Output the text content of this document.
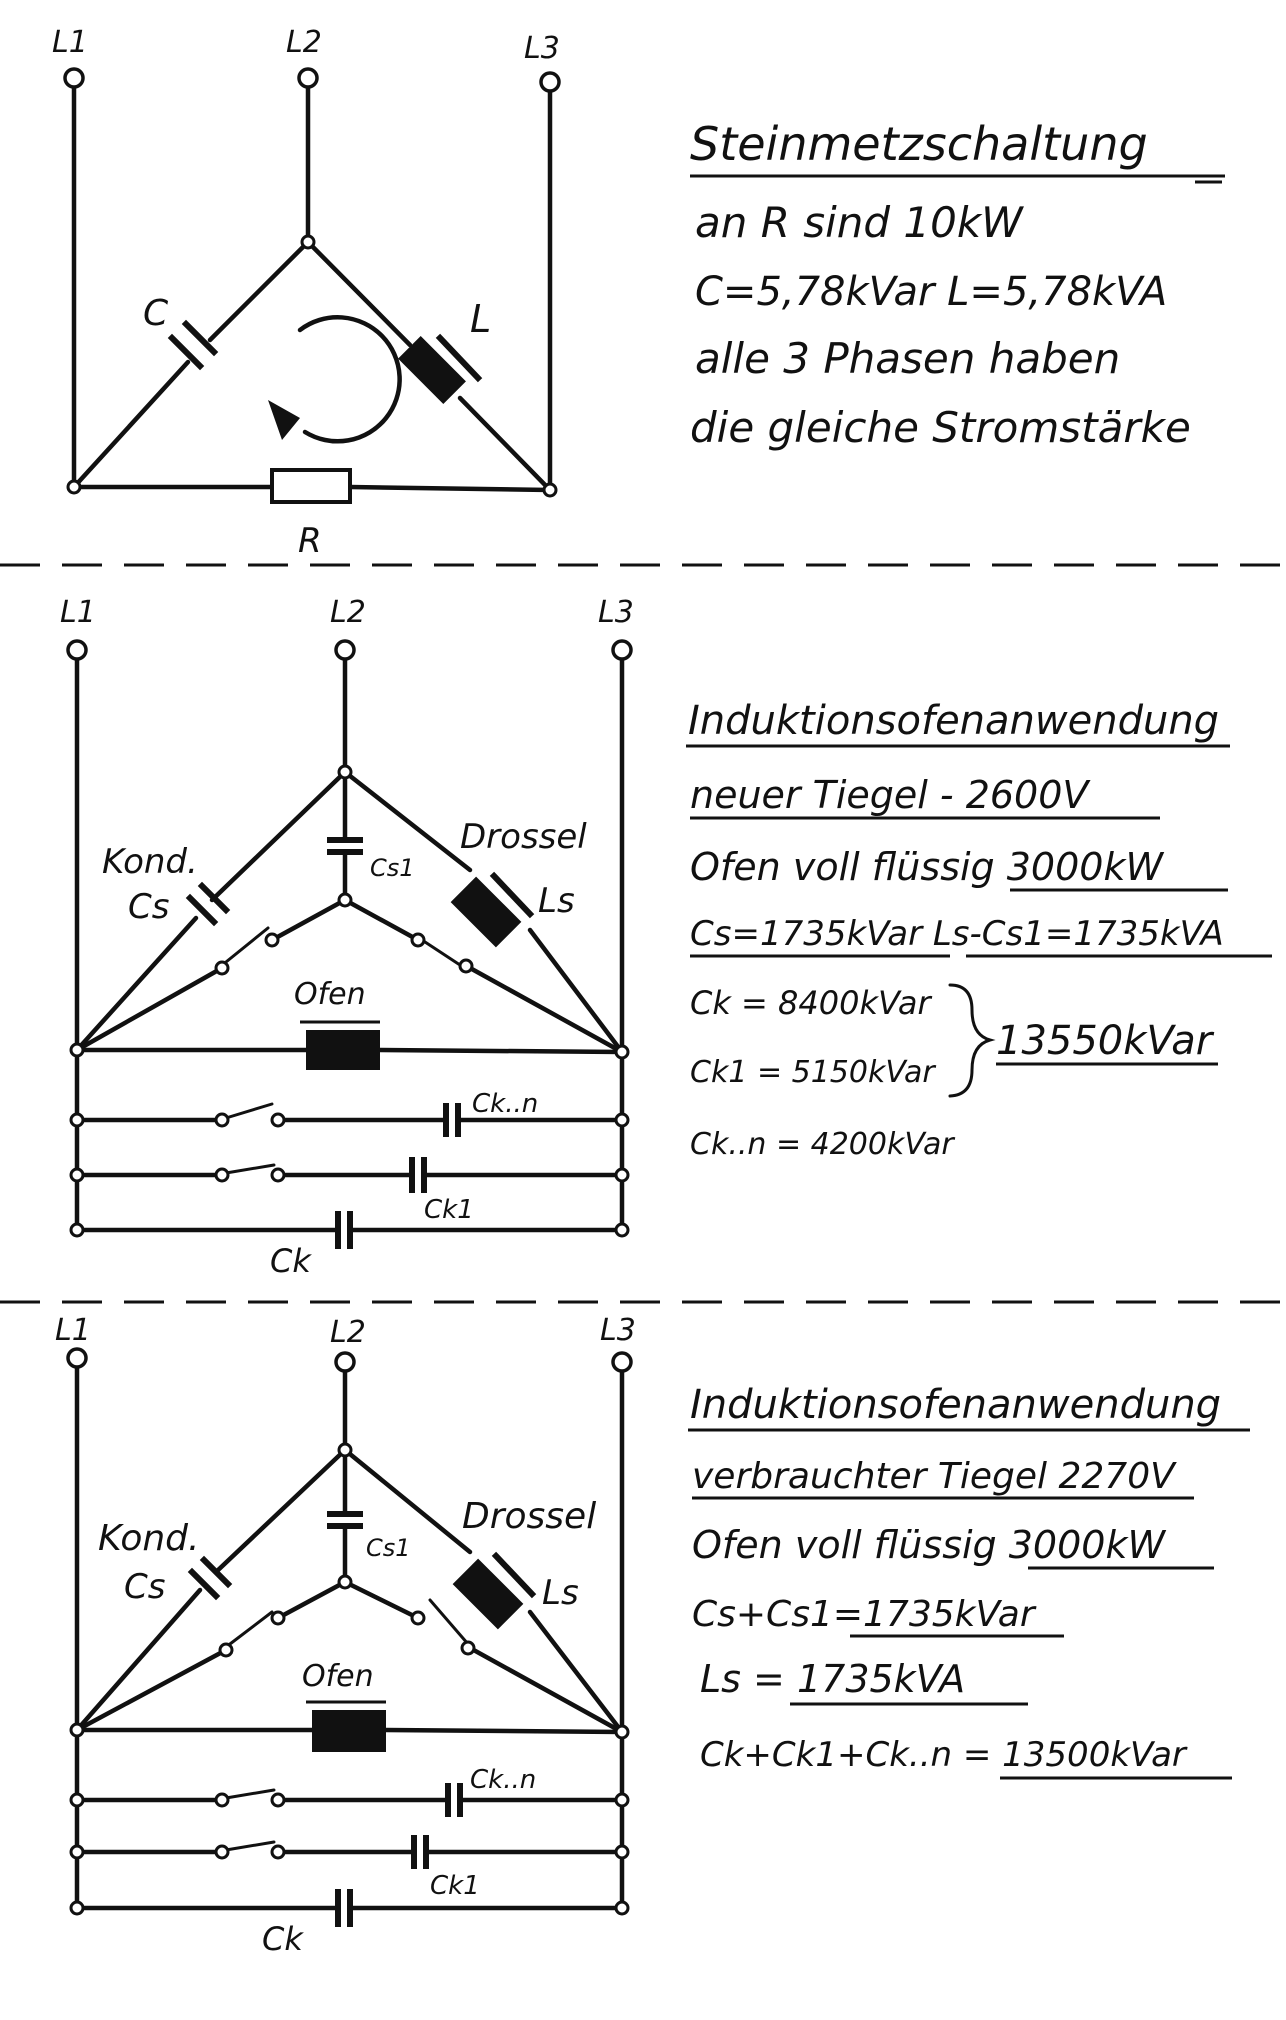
L1	L2	L3
C	L
R
Steinmetzschaltung
an R sind 10kW
C=5,78kVar L=5,78kVA
alle 3 Phasen haben
die gleiche Stromstärke
L1	L2	L3
Kond.
Cs
Cs1
Drossel
Ls
Ofen
Ck..n
Ck1
Ck
Induktionsofenanwendung
neuer Tiegel - 2600V
Ofen voll flüssig 3000kW
Cs=1735kVar Ls-Cs1=1735kVA
Ck = 8400kVar
Ck1 = 5150kVar
Ck..n = 4200kVar
13550kVar
L1	L2	L3
Kond.
Cs
Cs1
Drossel
Ls
Ofen
Ck..n
Ck1
Ck
Induktionsofenanwendung
verbrauchter Tiegel 2270V
Ofen voll flüssig 3000kW
Cs+Cs1=1735kVar
Ls = 1735kVA
Ck+Ck1+Ck..n = 13500kVar
